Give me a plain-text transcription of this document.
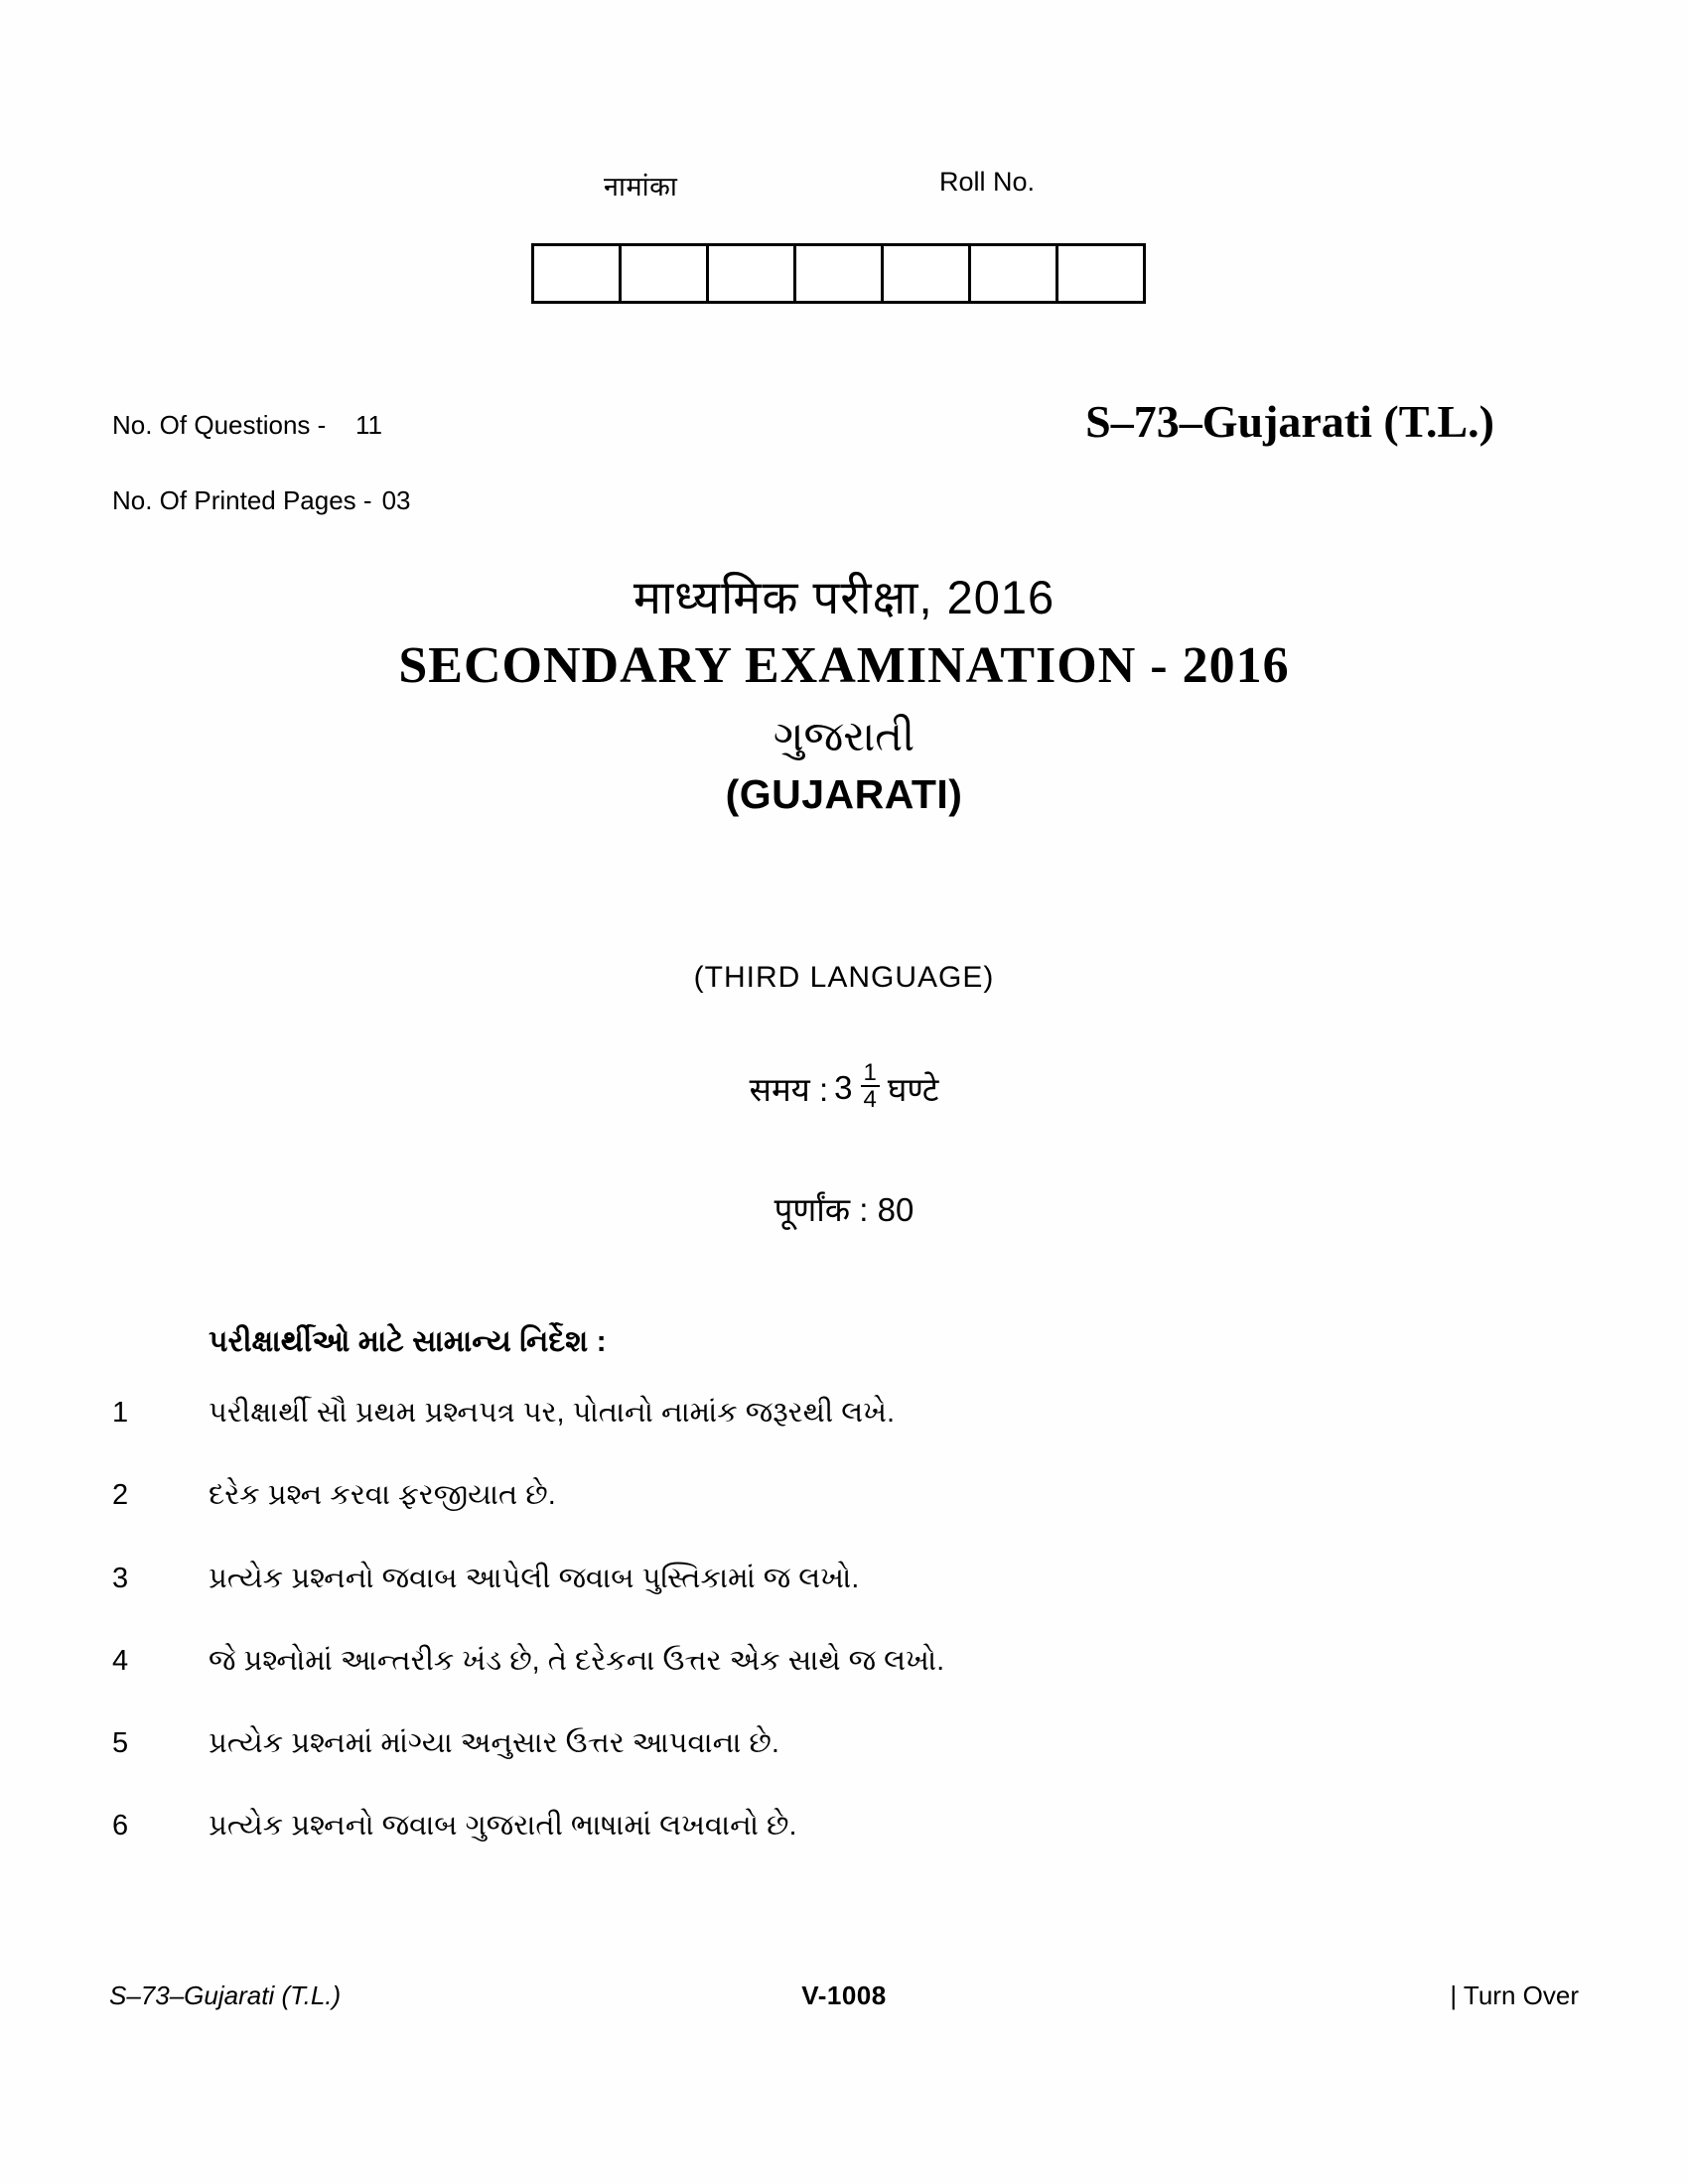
नामांका	Roll No.
No. Of Questions -	11
No. Of Printed Pages - 03
S–73–Gujarati (T.L.)
माध्यमिक परीक्षा, 2016
SECONDARY EXAMINATION - 2016
ગુજરાતી
(GUJARATI)
(THIRD LANGUAGE)
समय : $3 \frac{1}{4}$ घण्टे
पूर्णांक : 80
પરીક્ષાર્થીઓ માટે સામાન્ય નિર્દેશ :
1	પરીક્ષાર્થી સૌ પ્રથમ પ્રશ્નપત્ર પર, પોતાનો નામાંક જરૂરથી લખે.
2	દરેક પ્રશ્ન કરવા ફરજીયાત છે.
3	પ્રત્યેક પ્રશ્નનો જવાબ આપેલી જવાબ પુસ્તિકામાં જ લખો.
4	જે પ્રશ્નોમાં આન્તરીક ખંડ છે, તે દરેકના ઉત્તર એક સાથે જ લખો.
5	પ્રત્યેક પ્રશ્નમાં માંગ્યા અનુસાર ઉત્તર આપવાના છે.
6	પ્રત્યેક પ્રશ્નનો જવાબ ગુજરાતી ભાષામાં લખવાનો છે.
S–73–Gujarati (T.L.)	V-1008	| Turn Over
